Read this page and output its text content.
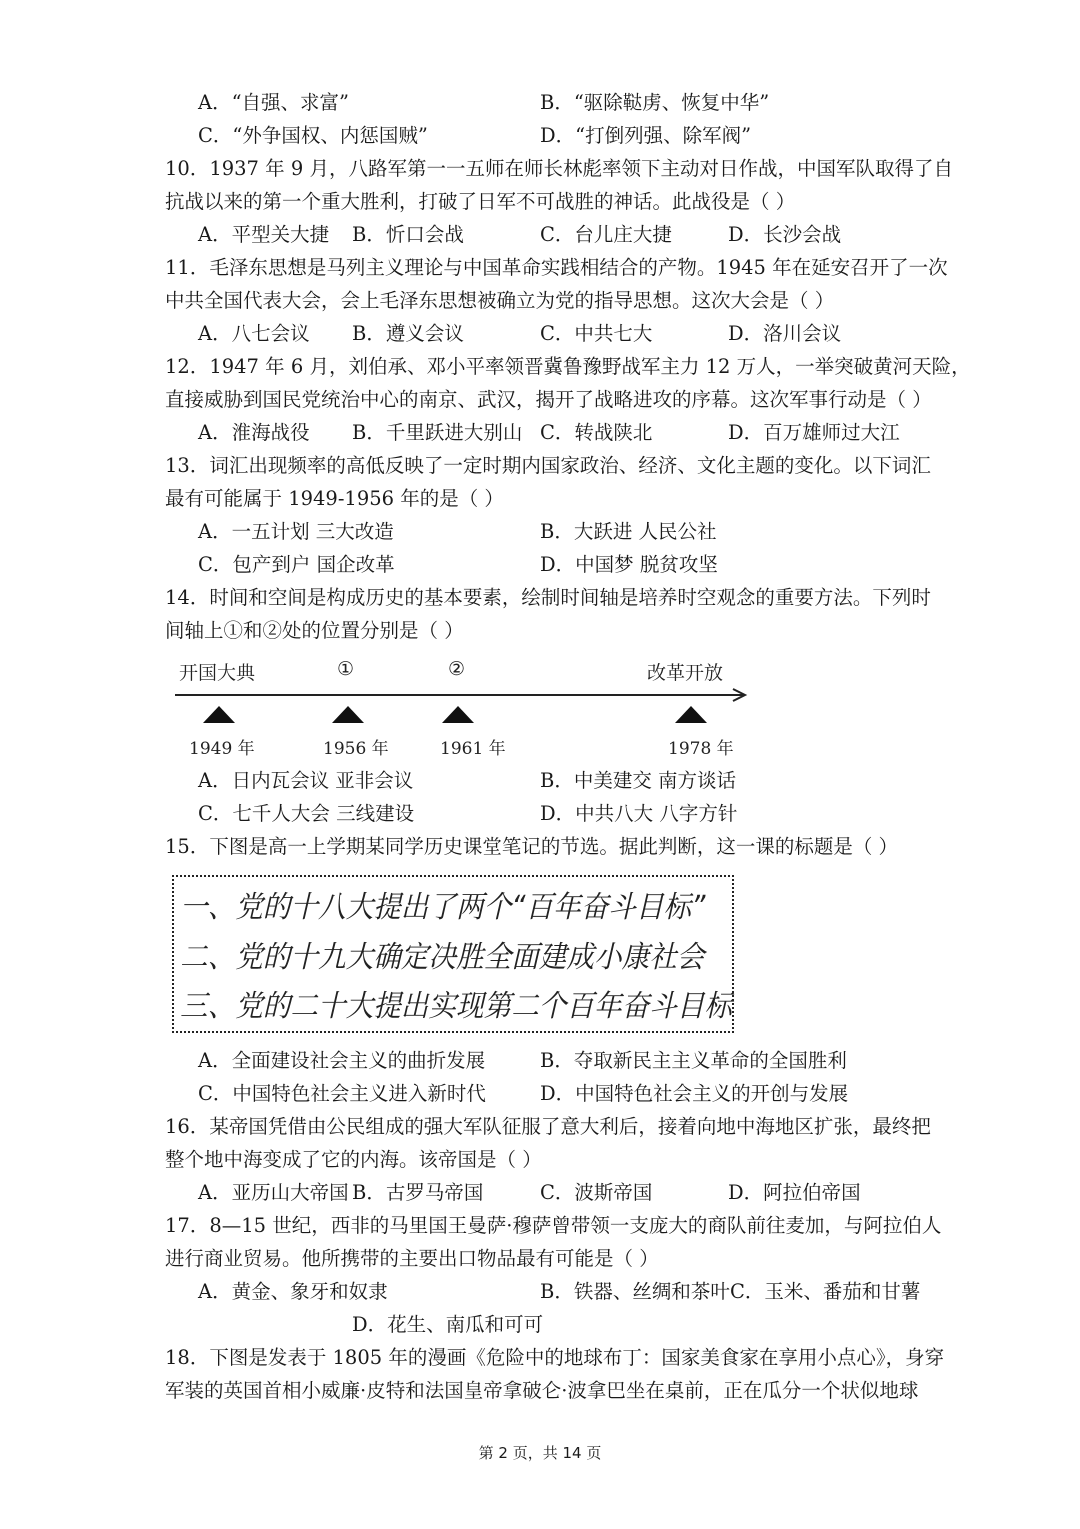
A．“自强、求富”	B．“驱除鞑虏、恢复中华”
C．“外争国权、内惩国贼”	D．“打倒列强、除军阀”
10．1937 年 9 月，八路军第一一五师在师长林彪率领下主动对日作战，中国军队取得了自
抗战以来的第一个重大胜利，打破了日军不可战胜的神话。此战役是（ ）
A．平型关大捷 B．忻口会战	C．台儿庄大捷	D．长沙会战
11．毛泽东思想是马列主义理论与中国革命实践相结合的产物。1945 年在延安召开了一次
中共全国代表大会，会上毛泽东思想被确立为党的指导思想。这次大会是（ ）
A．八七会议 B．遵义会议	C．中共七大	D．洛川会议
12．1947 年 6 月，刘伯承、邓小平率领晋冀鲁豫野战军主力 12 万人，一举突破黄河天险，
直接威胁到国民党统治中心的南京、武汉，揭开了战略进攻的序幕。这次军事行动是（ ）
A．淮海战役 B．千里跃进大别山 C．转战陕北	D．百万雄师过大江
13．词汇出现频率的高低反映了一定时期内国家政治、经济、文化主题的变化。以下词汇
最有可能属于 1949-1956 年的是（ ）
A．一五计划 三大改造	B．大跃进 人民公社
C．包产到户 国企改革	D．中国梦 脱贫攻坚
14．时间和空间是构成历史的基本要素，绘制时间轴是培养时空观念的重要方法。下列时
间轴上①和②处的位置分别是（ ）
开国大典	①	②	改革开放
1949 年	1956 年	1961 年	1978 年
A．日内瓦会议 亚非会议	B．中美建交 南方谈话
C．七千人大会 三线建设	D．中共八大 八字方针
15．下图是高一上学期某同学历史课堂笔记的节选。据此判断，这一课的标题是（ ）
一、党的十八大提出了两个“百年奋斗目标”
二、党的十九大确定决胜全面建成小康社会
三、党的二十大提出实现第二个百年奋斗目标
A．全面建设社会主义的曲折发展	B．夺取新民主主义革命的全国胜利
C．中国特色社会主义进入新时代	D．中国特色社会主义的开创与发展
16．某帝国凭借由公民组成的强大军队征服了意大利后，接着向地中海地区扩张，最终把
整个地中海变成了它的内海。该帝国是（ ）
A．亚历山大帝国 B．古罗马帝国	C．波斯帝国	D．阿拉伯帝国
17．8—15 世纪，西非的马里国王曼萨·穆萨曾带领一支庞大的商队前往麦加，与阿拉伯人
进行商业贸易。他所携带的主要出口物品最有可能是（ ）
A．黄金、象牙和奴隶	B．铁器、丝绸和茶叶 C．玉米、番茄和甘薯
D．花生、南瓜和可可
18．下图是发表于 1805 年的漫画《危险中的地球布丁：国家美食家在享用小点心》，身穿
军装的英国首相小威廉·皮特和法国皇帝拿破仑·波拿巴坐在桌前，正在瓜分一个状似地球
第 2 页，共 14 页
